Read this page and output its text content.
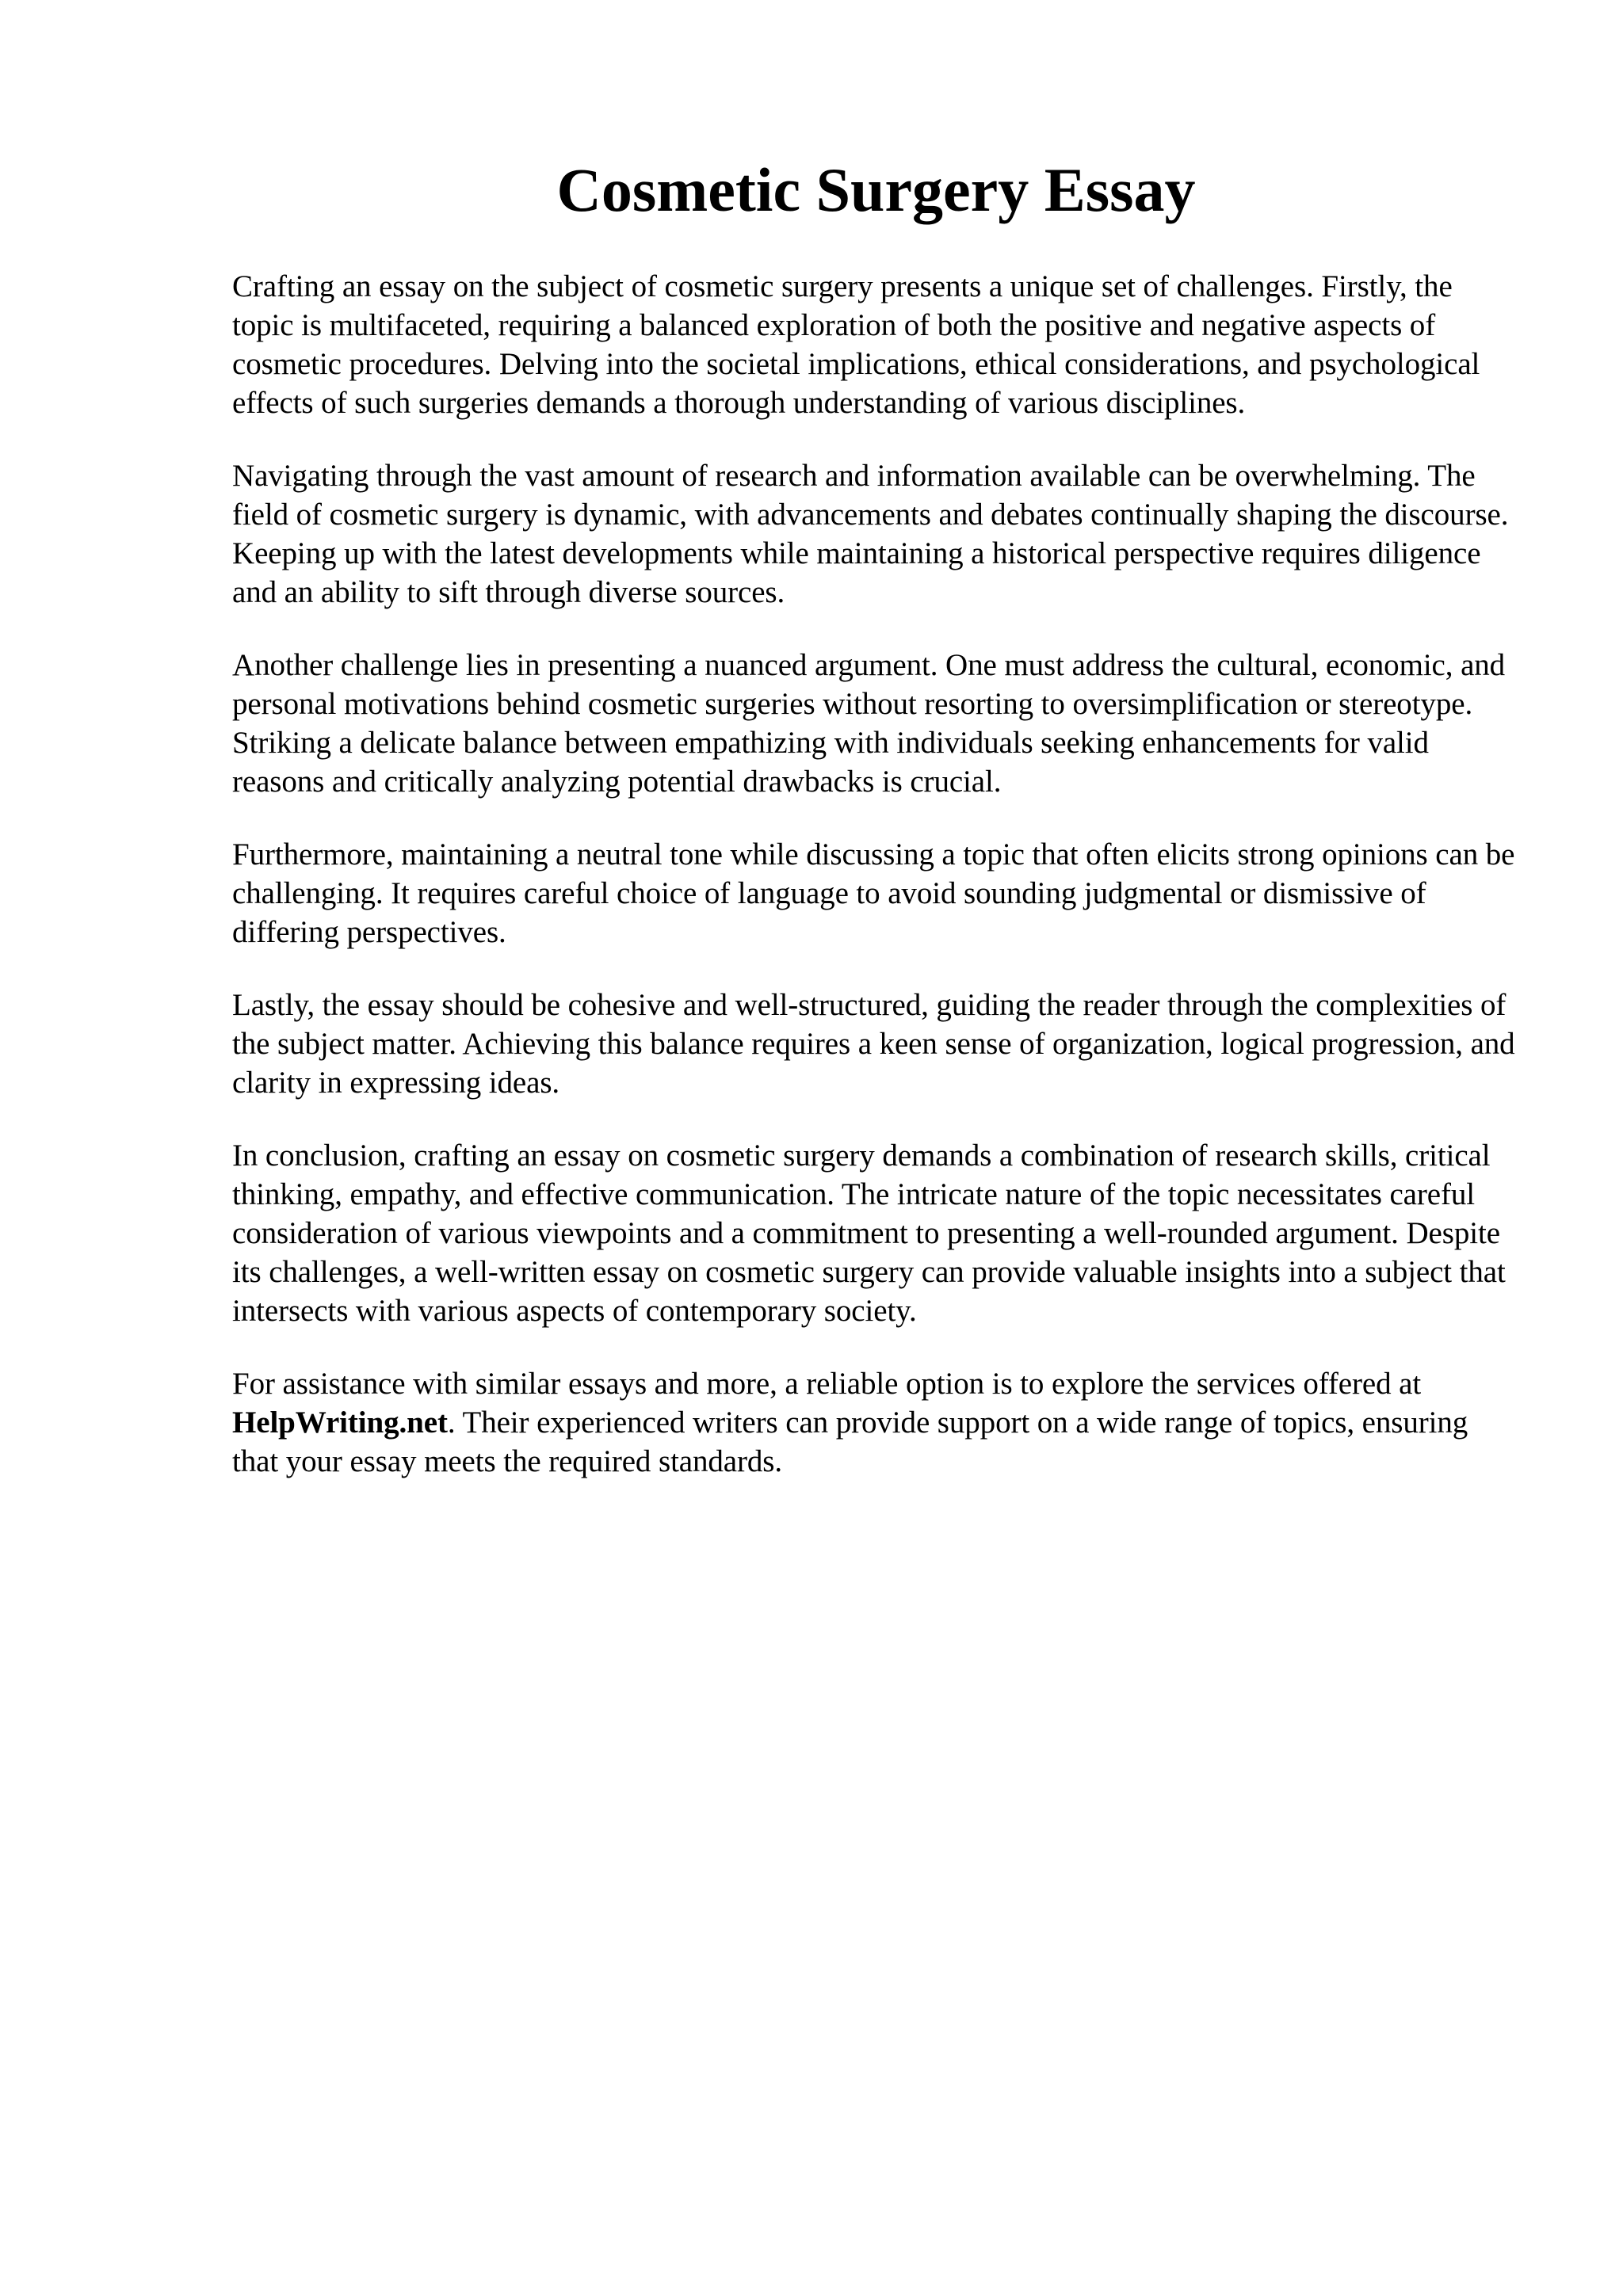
Cosmetic Surgery Essay

Crafting an essay on the subject of cosmetic surgery presents a unique set of challenges. Firstly, the topic is multifaceted, requiring a balanced exploration of both the positive and negative aspects of cosmetic procedures. Delving into the societal implications, ethical considerations, and psychological effects of such surgeries demands a thorough understanding of various disciplines.

Navigating through the vast amount of research and information available can be overwhelming. The field of cosmetic surgery is dynamic, with advancements and debates continually shaping the discourse. Keeping up with the latest developments while maintaining a historical perspective requires diligence and an ability to sift through diverse sources.

Another challenge lies in presenting a nuanced argument. One must address the cultural, economic, and personal motivations behind cosmetic surgeries without resorting to oversimplification or stereotype. Striking a delicate balance between empathizing with individuals seeking enhancements for valid reasons and critically analyzing potential drawbacks is crucial.

Furthermore, maintaining a neutral tone while discussing a topic that often elicits strong opinions can be challenging. It requires careful choice of language to avoid sounding judgmental or dismissive of differing perspectives.

Lastly, the essay should be cohesive and well-structured, guiding the reader through the complexities of the subject matter. Achieving this balance requires a keen sense of organization, logical progression, and clarity in expressing ideas.

In conclusion, crafting an essay on cosmetic surgery demands a combination of research skills, critical thinking, empathy, and effective communication. The intricate nature of the topic necessitates careful consideration of various viewpoints and a commitment to presenting a well-rounded argument. Despite its challenges, a well-written essay on cosmetic surgery can provide valuable insights into a subject that intersects with various aspects of contemporary society.

For assistance with similar essays and more, a reliable option is to explore the services offered at HelpWriting.net. Their experienced writers can provide support on a wide range of topics, ensuring that your essay meets the required standards.
